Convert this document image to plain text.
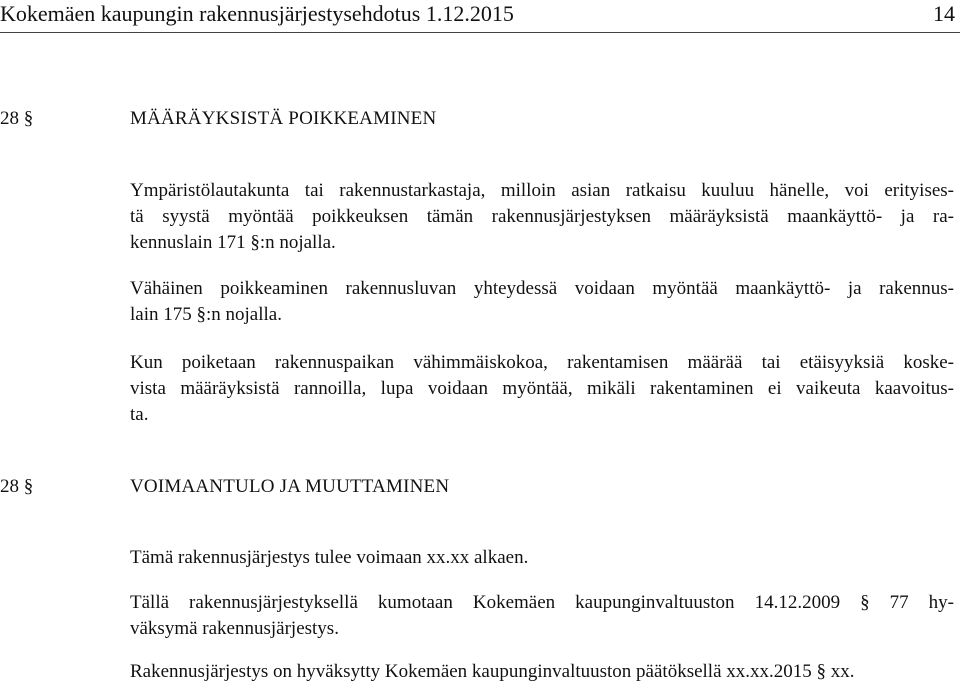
Kokemäen kaupungin rakennusjärjestysehdotus 1.12.2015	14
28 §	MÄÄRÄYKSISTÄ POIKKEAMINEN

Ympäristölautakunta tai rakennustarkastaja, milloin asian ratkaisu kuuluu hänelle, voi erityises-
tä syystä myöntää poikkeuksen tämän rakennusjärjestyksen määräyksistä maankäyttö- ja ra-
kennuslain 171 §:n nojalla.

Vähäinen poikkeaminen rakennusluvan yhteydessä voidaan myöntää maankäyttö- ja rakennus-
lain 175 §:n nojalla.

Kun poiketaan rakennuspaikan vähimmäiskokoa, rakentamisen määrää tai etäisyyksiä koske-
vista määräyksistä rannoilla, lupa voidaan myöntää, mikäli rakentaminen ei vaikeuta kaavoitus-
ta.

28 §	VOIMAANTULO JA MUUTTAMINEN

Tämä rakennusjärjestys tulee voimaan xx.xx alkaen.

Tällä rakennusjärjestyksellä kumotaan Kokemäen kaupunginvaltuuston 14.12.2009 § 77 hy-
väksymä rakennusjärjestys.

Rakennusjärjestys on hyväksytty Kokemäen kaupunginvaltuuston päätöksellä xx.xx.2015 § xx.
